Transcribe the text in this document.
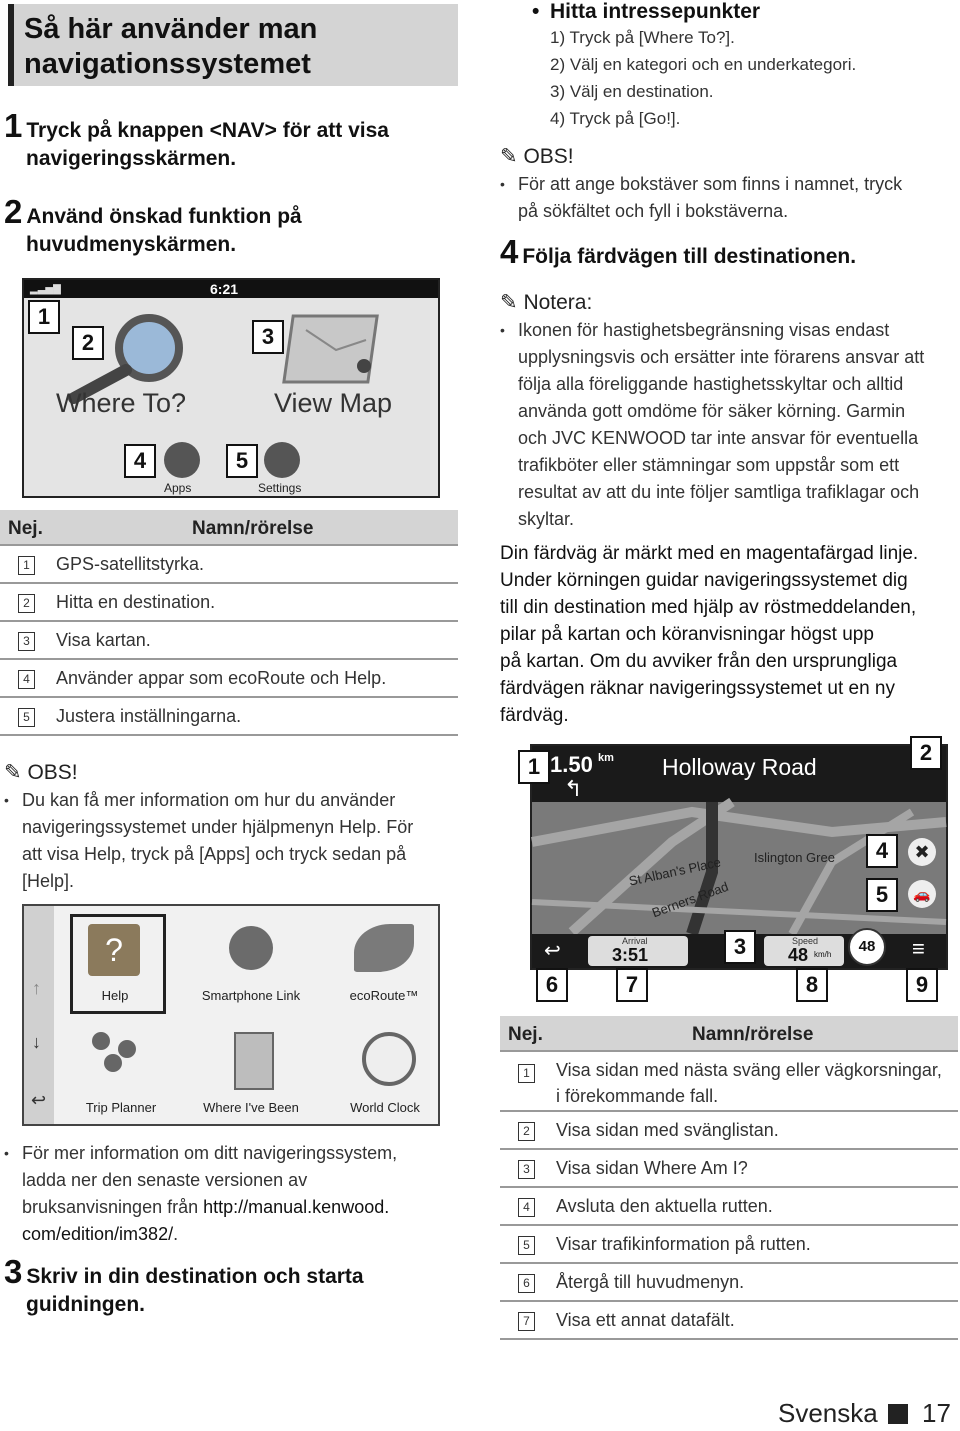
Så här använder man navigationssystemet
1 Tryck på knappen <NAV> för att visa
navigeringsskärmen.
2 Använd önskad funktion på
huvudmenyskärmen.
▂▃▅▇	6:21
Where To?	View Map
Apps	Settings
1
2	3
4	5
Nej.	Namn/rörelse
1 GPS-satellitstyrka.
2 Hitta en destination.
3 Visa kartan.
4 Använder appar som ecoRoute och Help.
5 Justera inställningarna.
✎ OBS!
• Du kan få mer information om hur du använder
navigeringssystemet under hjälpmenyn Help. För
att visa Help, tryck på [Apps] och tryck sedan på
[Help].
↑
↓
↩
?
Help	Smartphone Link	ecoRoute™
Trip Planner	Where I've Been	World Clock
• För mer information om ditt navigeringssystem,
ladda ner den senaste versionen av
bruksanvisningen från http://manual.kenwood.
com/edition/im382/.
3 Skriv in din destination och starta
guidningen.
• Hitta intressepunkter
1) Tryck på [Where To?].
2) Välj en kategori och en underkategori.
3) Välj en destination.
4) Tryck på [Go!].
✎ OBS!
• För att ange bokstäver som finns i namnet, tryck
på sökfältet och fyll i bokstäverna.
4 Följa färdvägen till destinationen.
✎ Notera:
• Ikonen för hastighetsbegränsning visas endast
upplysningsvis och ersätter inte förarens ansvar att
följa alla föreliggande hastighetsskyltar och alltid
använda gott omdöme för säker körning. Garmin
och JVC KENWOOD tar inte ansvar för eventuella
trafikböter eller stämningar som uppstår som ett
resultat av att du inte följer samtliga trafiklagar och
skyltar.
Din färdväg är märkt med en magentafärgad linje.
Under körningen guidar navigeringssystemet dig
till din destination med hjälp av röstmeddelanden,
pilar på kartan och köranvisningar högst upp
på kartan. Om du avviker från den ursprungliga
färdvägen räknar navigeringssystemet ut en ny
färdväg.
1.50 km
↰
Holloway Road
St Alban's Place
Berners Road
Islington Gree
↩	Arrival
3:51
Speed
48 km/h	≡
48
✖
🚗
1
2
3
4
5
6	7	8	9
Nej.	Namn/rörelse
1 Visa sidan med nästa sväng eller vägkorsningar,
i förekommande fall.
2 Visa sidan med svänglistan.
3 Visa sidan Where Am I?
4 Avsluta den aktuella rutten.
5 Visar trafikinformation på rutten.
6 Återgå till huvudmenyn.
7 Visa ett annat datafält.
Svenska 17
